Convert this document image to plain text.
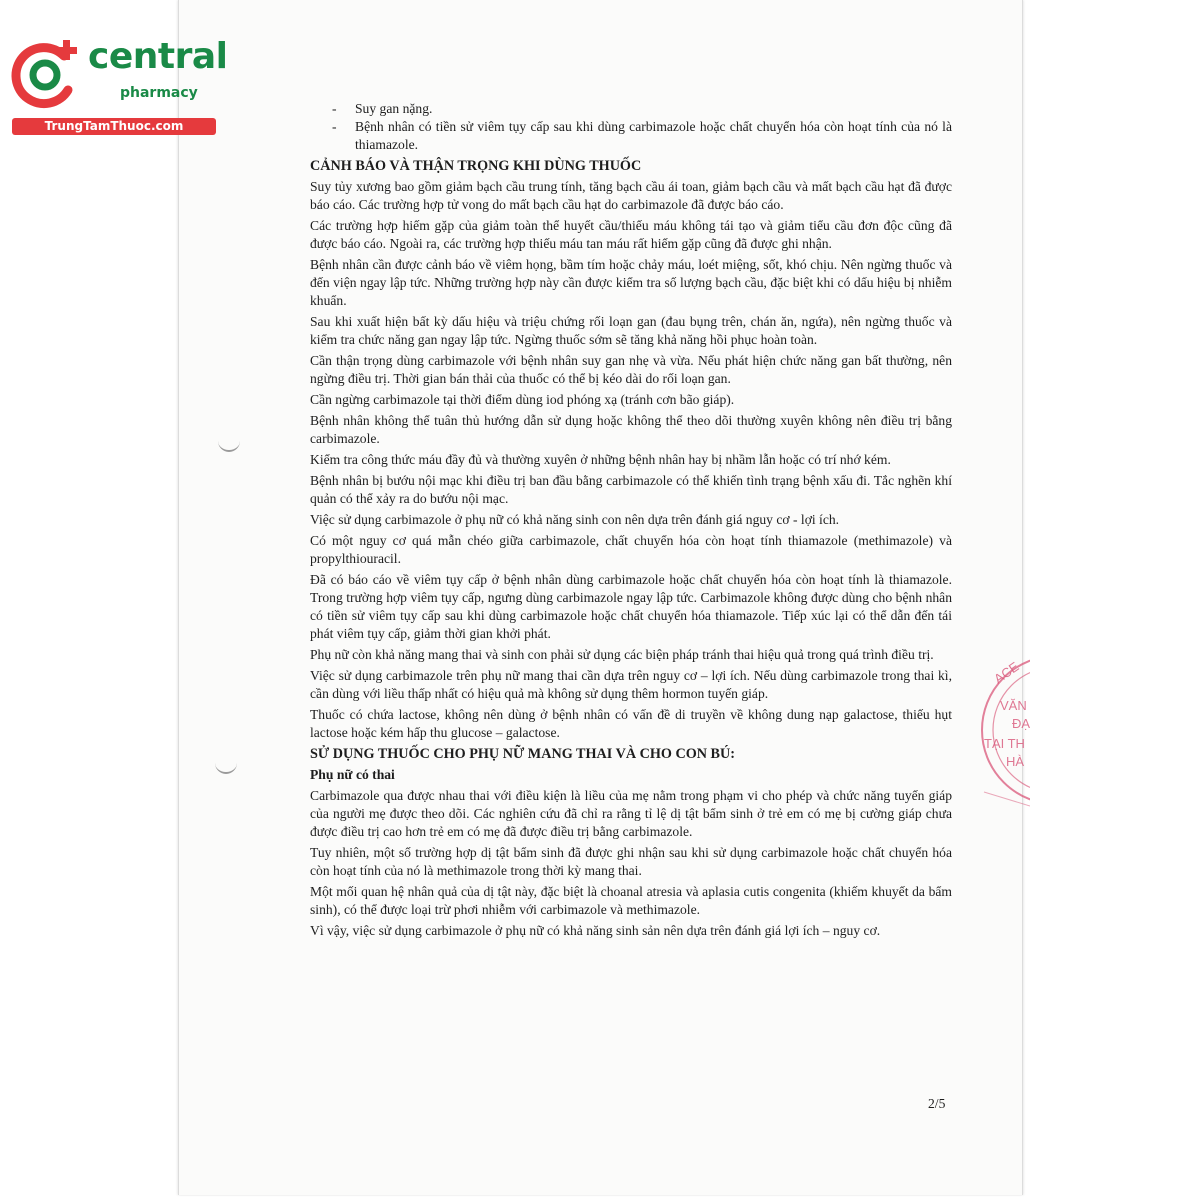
central
pharmacy
TrungTamThuoc.com
ACE
VĂN
ĐẠ
TẠI TH
HÀ
- Suy gan nặng.
- Bệnh nhân có tiền sử viêm tụy cấp sau khi dùng carbimazole hoặc chất chuyển hóa còn hoạt tính của nó là thiamazole.
CẢNH BÁO VÀ THẬN TRỌNG KHI DÙNG THUỐC
Suy tủy xương bao gồm giảm bạch cầu trung tính, tăng bạch cầu ái toan, giảm bạch cầu và mất bạch cầu hạt đã được báo cáo. Các trường hợp tử vong do mất bạch cầu hạt do carbimazole đã được báo cáo.
Các trường hợp hiếm gặp của giảm toàn thể huyết cầu/thiếu máu không tái tạo và giảm tiểu cầu đơn độc cũng đã được báo cáo. Ngoài ra, các trường hợp thiếu máu tan máu rất hiếm gặp cũng đã được ghi nhận.
Bệnh nhân cần được cảnh báo về viêm họng, bầm tím hoặc chảy máu, loét miệng, sốt, khó chịu. Nên ngừng thuốc và đến viện ngay lập tức. Những trường hợp này cần được kiểm tra số lượng bạch cầu, đặc biệt khi có dấu hiệu bị nhiễm khuẩn.
Sau khi xuất hiện bất kỳ dấu hiệu và triệu chứng rối loạn gan (đau bụng trên, chán ăn, ngứa), nên ngừng thuốc và kiểm tra chức năng gan ngay lập tức. Ngừng thuốc sớm sẽ tăng khả năng hồi phục hoàn toàn.
Cần thận trọng dùng carbimazole với bệnh nhân suy gan nhẹ và vừa. Nếu phát hiện chức năng gan bất thường, nên ngừng điều trị. Thời gian bán thải của thuốc có thể bị kéo dài do rối loạn gan.
Cần ngừng carbimazole tại thời điểm dùng iod phóng xạ (tránh cơn bão giáp).
Bệnh nhân không thể tuân thủ hướng dẫn sử dụng hoặc không thể theo dõi thường xuyên không nên điều trị bằng carbimazole.
Kiểm tra công thức máu đầy đủ và thường xuyên ở những bệnh nhân hay bị nhầm lẫn hoặc có trí nhớ kém.
Bệnh nhân bị bướu nội mạc khi điều trị ban đầu bằng carbimazole có thể khiến tình trạng bệnh xấu đi. Tắc nghẽn khí quản có thể xảy ra do bướu nội mạc.
Việc sử dụng carbimazole ở phụ nữ có khả năng sinh con nên dựa trên đánh giá nguy cơ - lợi ích.
Có một nguy cơ quá mẫn chéo giữa carbimazole, chất chuyển hóa còn hoạt tính thiamazole (methimazole) và propylthiouracil.
Đã có báo cáo về viêm tụy cấp ở bệnh nhân dùng carbimazole hoặc chất chuyển hóa còn hoạt tính là thiamazole. Trong trường hợp viêm tụy cấp, ngưng dùng carbimazole ngay lập tức. Carbimazole không được dùng cho bệnh nhân có tiền sử viêm tụy cấp sau khi dùng carbimazole hoặc chất chuyển hóa thiamazole. Tiếp xúc lại có thể dẫn đến tái phát viêm tụy cấp, giảm thời gian khởi phát.
Phụ nữ còn khả năng mang thai và sinh con phải sử dụng các biện pháp tránh thai hiệu quả trong quá trình điều trị.
Việc sử dụng carbimazole trên phụ nữ mang thai cần dựa trên nguy cơ – lợi ích. Nếu dùng carbimazole trong thai kì, cần dùng với liều thấp nhất có hiệu quả mà không sử dụng thêm hormon tuyến giáp.
Thuốc có chứa lactose, không nên dùng ở bệnh nhân có vấn đề di truyền về không dung nạp galactose, thiếu hụt lactose hoặc kém hấp thu glucose – galactose.
SỬ DỤNG THUỐC CHO PHỤ NỮ MANG THAI VÀ CHO CON BÚ:
Phụ nữ có thai
Carbimazole qua được nhau thai với điều kiện là liều của mẹ nằm trong phạm vi cho phép và chức năng tuyến giáp của người mẹ được theo dõi. Các nghiên cứu đã chỉ ra rằng tỉ lệ dị tật bẩm sinh ở trẻ em có mẹ bị cường giáp chưa được điều trị cao hơn trẻ em có mẹ đã được điều trị bằng carbimazole.
Tuy nhiên, một số trường hợp dị tật bẩm sinh đã được ghi nhận sau khi sử dụng carbimazole hoặc chất chuyển hóa còn hoạt tính của nó là methimazole trong thời kỳ mang thai.
Một mối quan hệ nhân quả của dị tật này, đặc biệt là choanal atresia và aplasia cutis congenita (khiếm khuyết da bẩm sinh), có thể được loại trừ phơi nhiễm với carbimazole và methimazole.
Vì vậy, việc sử dụng carbimazole ở phụ nữ có khả năng sinh sản nên dựa trên đánh giá lợi ích – nguy cơ.
2/5
